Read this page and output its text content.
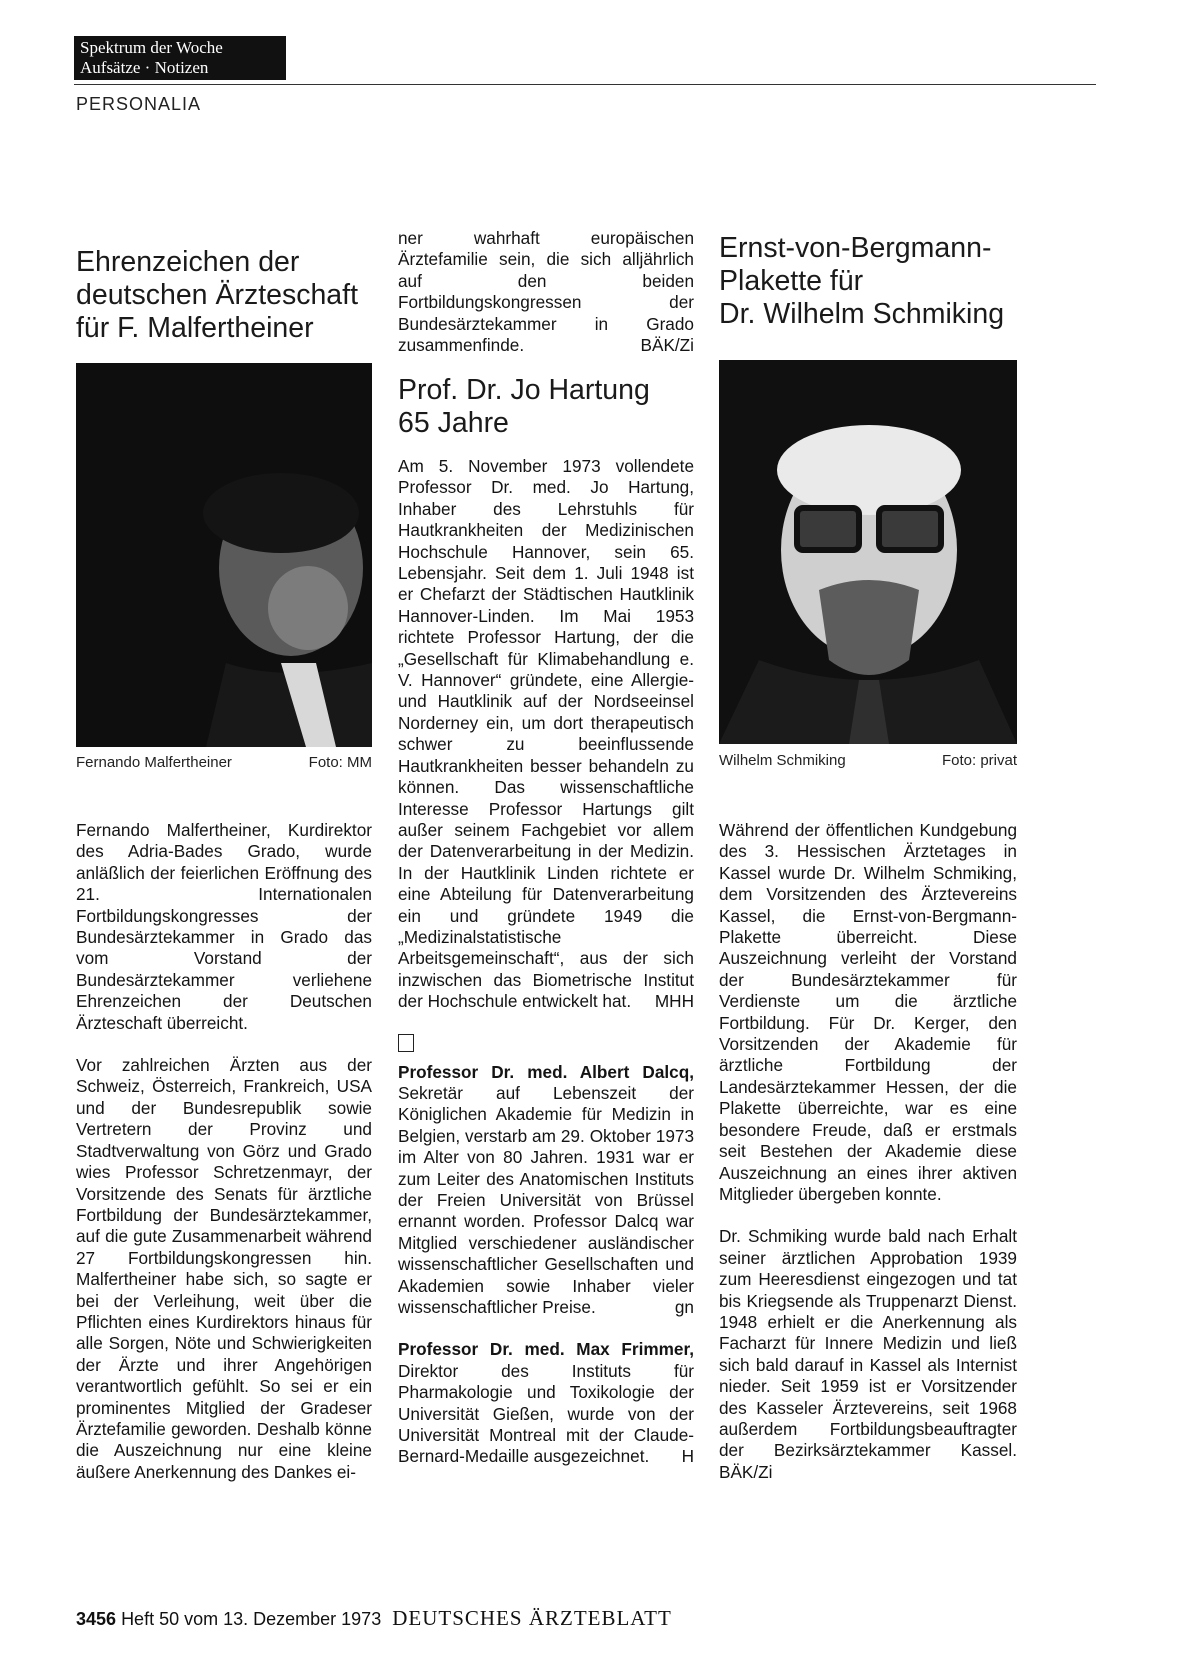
Spektrum der Woche
Aufsätze · Notizen
PERSONALIA
Ehrenzeichen der
deutschen Ärzteschaft
für F. Malfertheiner
Fernando Malfertheiner	Foto: MM

Fernando Malfertheiner, Kurdirektor des Adria-Bades Grado, wurde anläßlich der feierlichen Eröffnung des 21. Internationalen Fortbildungskongresses der Bundesärztekammer in Grado das vom Vorstand der Bundesärztekammer verliehene Ehrenzeichen der Deutschen Ärzteschaft überreicht.

Vor zahlreichen Ärzten aus der Schweiz, Österreich, Frankreich, USA und der Bundesrepublik sowie Vertretern der Provinz und Stadtverwaltung von Görz und Grado wies Professor Schretzenmayr, der Vorsitzende des Senats für ärztliche Fortbildung der Bundesärztekammer, auf die gute Zusammenarbeit während 27 Fortbildungskongressen hin. Malfertheiner habe sich, so sagte er bei der Verleihung, weit über die Pflichten eines Kurdirektors hinaus für alle Sorgen, Nöte und Schwierigkeiten der Ärzte und ihrer Angehörigen verantwortlich gefühlt. So sei er ein prominentes Mitglied der Gradeser Ärztefamilie geworden. Deshalb könne die Auszeichnung nur eine kleine äußere Anerkennung des Dankes ei-

ner wahrhaft europäischen Ärztefamilie sein, die sich alljährlich auf den beiden Fortbildungskongressen der Bundesärztekammer in Grado zusammenfinde.	BÄK/Zi

Prof. Dr. Jo Hartung
65 Jahre

Am 5. November 1973 vollendete Professor Dr. med. Jo Hartung, Inhaber des Lehrstuhls für Hautkrankheiten der Medizinischen Hochschule Hannover, sein 65. Lebensjahr. Seit dem 1. Juli 1948 ist er Chefarzt der Städtischen Hautklinik Hannover-Linden. Im Mai 1953 richtete Professor Hartung, der die „Gesellschaft für Klimabehandlung e. V. Hannover“ gründete, eine Allergie- und Hautklinik auf der Nordseeinsel Norderney ein, um dort therapeutisch schwer zu beeinflussende Hautkrankheiten besser behandeln zu können. Das wissenschaftliche Interesse Professor Hartungs gilt außer seinem Fachgebiet vor allem der Datenverarbeitung in der Medizin. In der Hautklinik Linden richtete er eine Abteilung für Datenverarbeitung ein und gründete 1949 die „Medizinalstatistische Arbeitsgemeinschaft“, aus der sich inzwischen das Biometrische Institut der Hochschule entwickelt hat. MHH

Professor Dr. med. Albert Dalcq, Sekretär auf Lebenszeit der Königlichen Akademie für Medizin in Belgien, verstarb am 29. Oktober 1973 im Alter von 80 Jahren. 1931 war er zum Leiter des Anatomischen Instituts der Freien Universität von Brüssel ernannt worden. Professor Dalcq war Mitglied verschiedener ausländischer wissenschaftlicher Gesellschaften und Akademien sowie Inhaber vieler wissenschaftlicher Preise.	gn

Professor Dr. med. Max Frimmer, Direktor des Instituts für Pharmakologie und Toxikologie der Universität Gießen, wurde von der Universität Montreal mit der Claude-Bernard-Medaille ausgezeichnet. H

Ernst-von-Bergmann-
Plakette für
Dr. Wilhelm Schmiking
Wilhelm Schmiking	Foto: privat

Während der öffentlichen Kundgebung des 3. Hessischen Ärztetages in Kassel wurde Dr. Wilhelm Schmiking, dem Vorsitzenden des Ärztevereins Kassel, die Ernst-von-Bergmann-Plakette überreicht. Diese Auszeichnung verleiht der Vorstand der Bundesärztekammer für Verdienste um die ärztliche Fortbildung. Für Dr. Kerger, den Vorsitzenden der Akademie für ärztliche Fortbildung der Landesärztekammer Hessen, der die Plakette überreichte, war es eine besondere Freude, daß er erstmals seit Bestehen der Akademie diese Auszeichnung an eines ihrer aktiven Mitglieder übergeben konnte.

Dr. Schmiking wurde bald nach Erhalt seiner ärztlichen Approbation 1939 zum Heeresdienst eingezogen und tat bis Kriegsende als Truppenarzt Dienst. 1948 erhielt er die Anerkennung als Facharzt für Innere Medizin und ließ sich bald darauf in Kassel als Internist nieder. Seit 1959 ist er Vorsitzender des Kasseler Ärztevereins, seit 1968 außerdem Fortbildungsbeauftragter der Bezirksärztekammer Kassel. BÄK/Zi

3456 Heft 50 vom 13. Dezember 1973 DEUTSCHES ÄRZTEBLATT
